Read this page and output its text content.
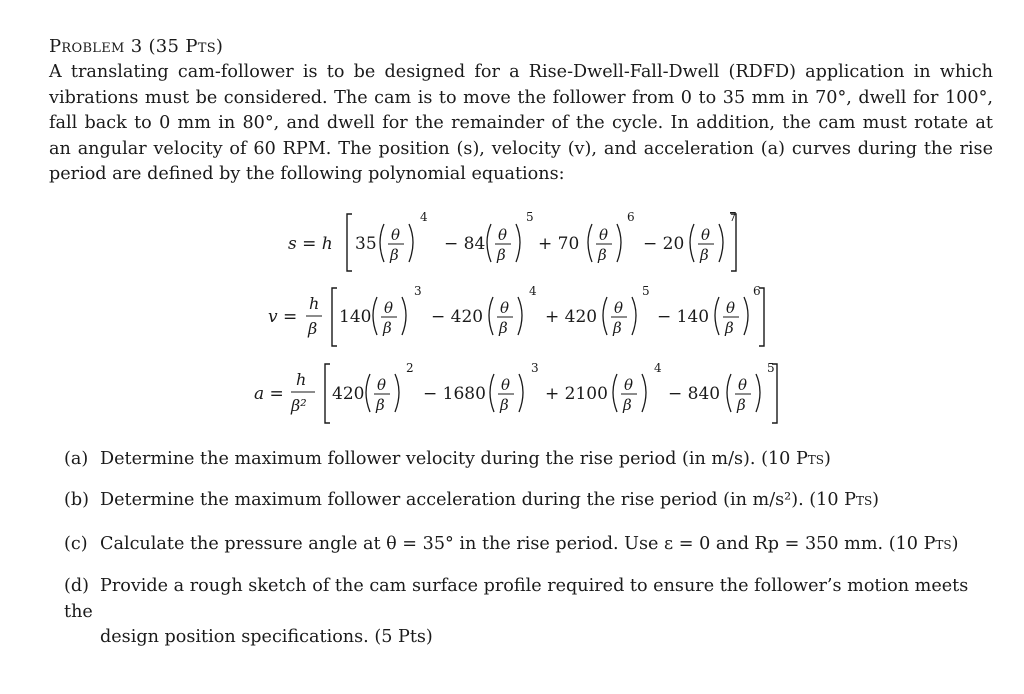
Problem 3 (35 Pts)
A translating cam-follower is to be designed for a Rise-Dwell-Fall-Dwell (RDFD) application in which
vibrations must be considered. The cam is to move the follower from 0 to 35 mm in 70°, dwell for 100°,
fall back to 0 mm in 80°, and dwell for the remainder of the cycle. In addition, the cam must rotate at
an angular velocity of 60 RPM. The position (s), velocity (v), and acceleration (a) curves during the rise
period are defined by the following polynomial equations:
s = h 35 θ
β
4
− 84 θ
β
5
+ 70 θ
β
6
− 20 θ
β
7
v =
h
β
140 θ
β
3
− 420 θ
β
4
+ 420 θ
β
5
− 140 θ
β
6
a =
h
β²
420 θ
β
2
− 1680 θ
β
3
+ 2100 θ
β
4
− 840 θ
β
5
(a) Determine the maximum follower velocity during the rise period (in m/s). (10 Pts)
(b) Determine the maximum follower acceleration during the rise period (in m/s²). (10 Pts)
(c) Calculate the pressure angle at θ = 35° in the rise period. Use ε = 0 and Rp = 350 mm. (10 Pts)
(d) Provide a rough sketch of the cam surface profile required to ensure the follower’s motion meets the
design position specifications. (5 Pts)
